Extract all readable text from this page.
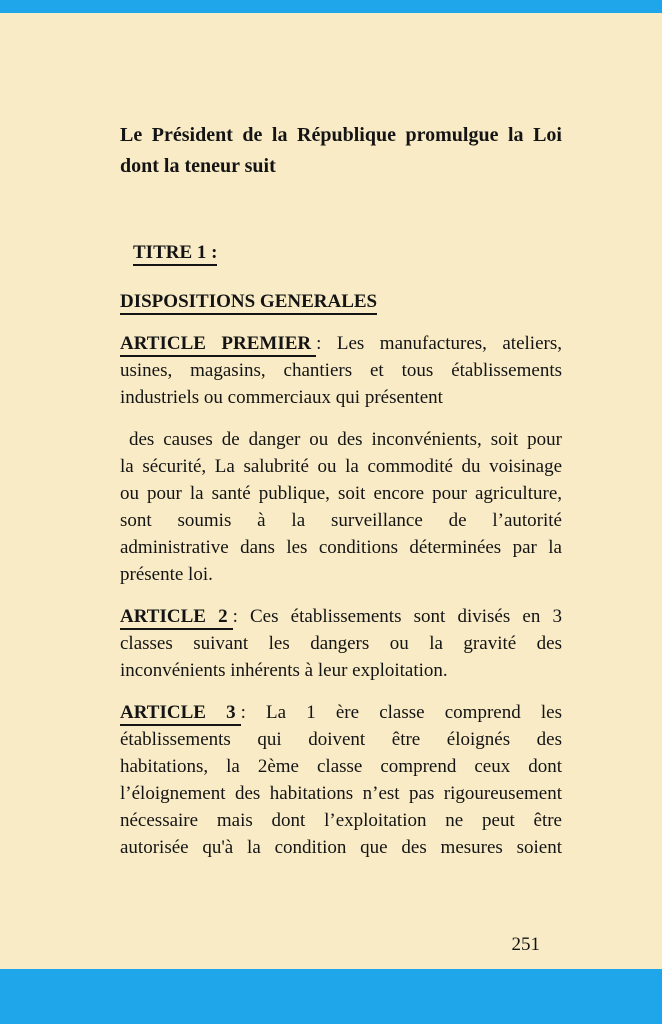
Le Président de la République promulgue la Loi
dont la teneur suit
TITRE 1 :
DISPOSITIONS GENERALES
ARTICLE PREMIER : Les manufactures, ateliers,
usines, magasins, chantiers et tous établissements
industriels ou commerciaux qui présentent
des causes de danger ou des inconvénients, soit pour
la sécurité, La salubrité ou la commodité du voisinage
ou pour la santé publique, soit encore pour agriculture,
sont soumis à la surveillance de l’autorité
administrative dans les conditions déterminées par la
présente loi.
ARTICLE 2 : Ces établissements sont divisés en 3
classes suivant les dangers ou la gravité des
inconvénients inhérents à leur exploitation.
ARTICLE 3 : La 1 ère classe comprend les
établissements qui doivent être éloignés des
habitations, la 2ème classe comprend ceux dont
l’éloignement des habitations n’est pas rigoureusement
nécessaire mais dont l’exploitation ne peut être
autorisée qu'à la condition que des mesures soient
251
